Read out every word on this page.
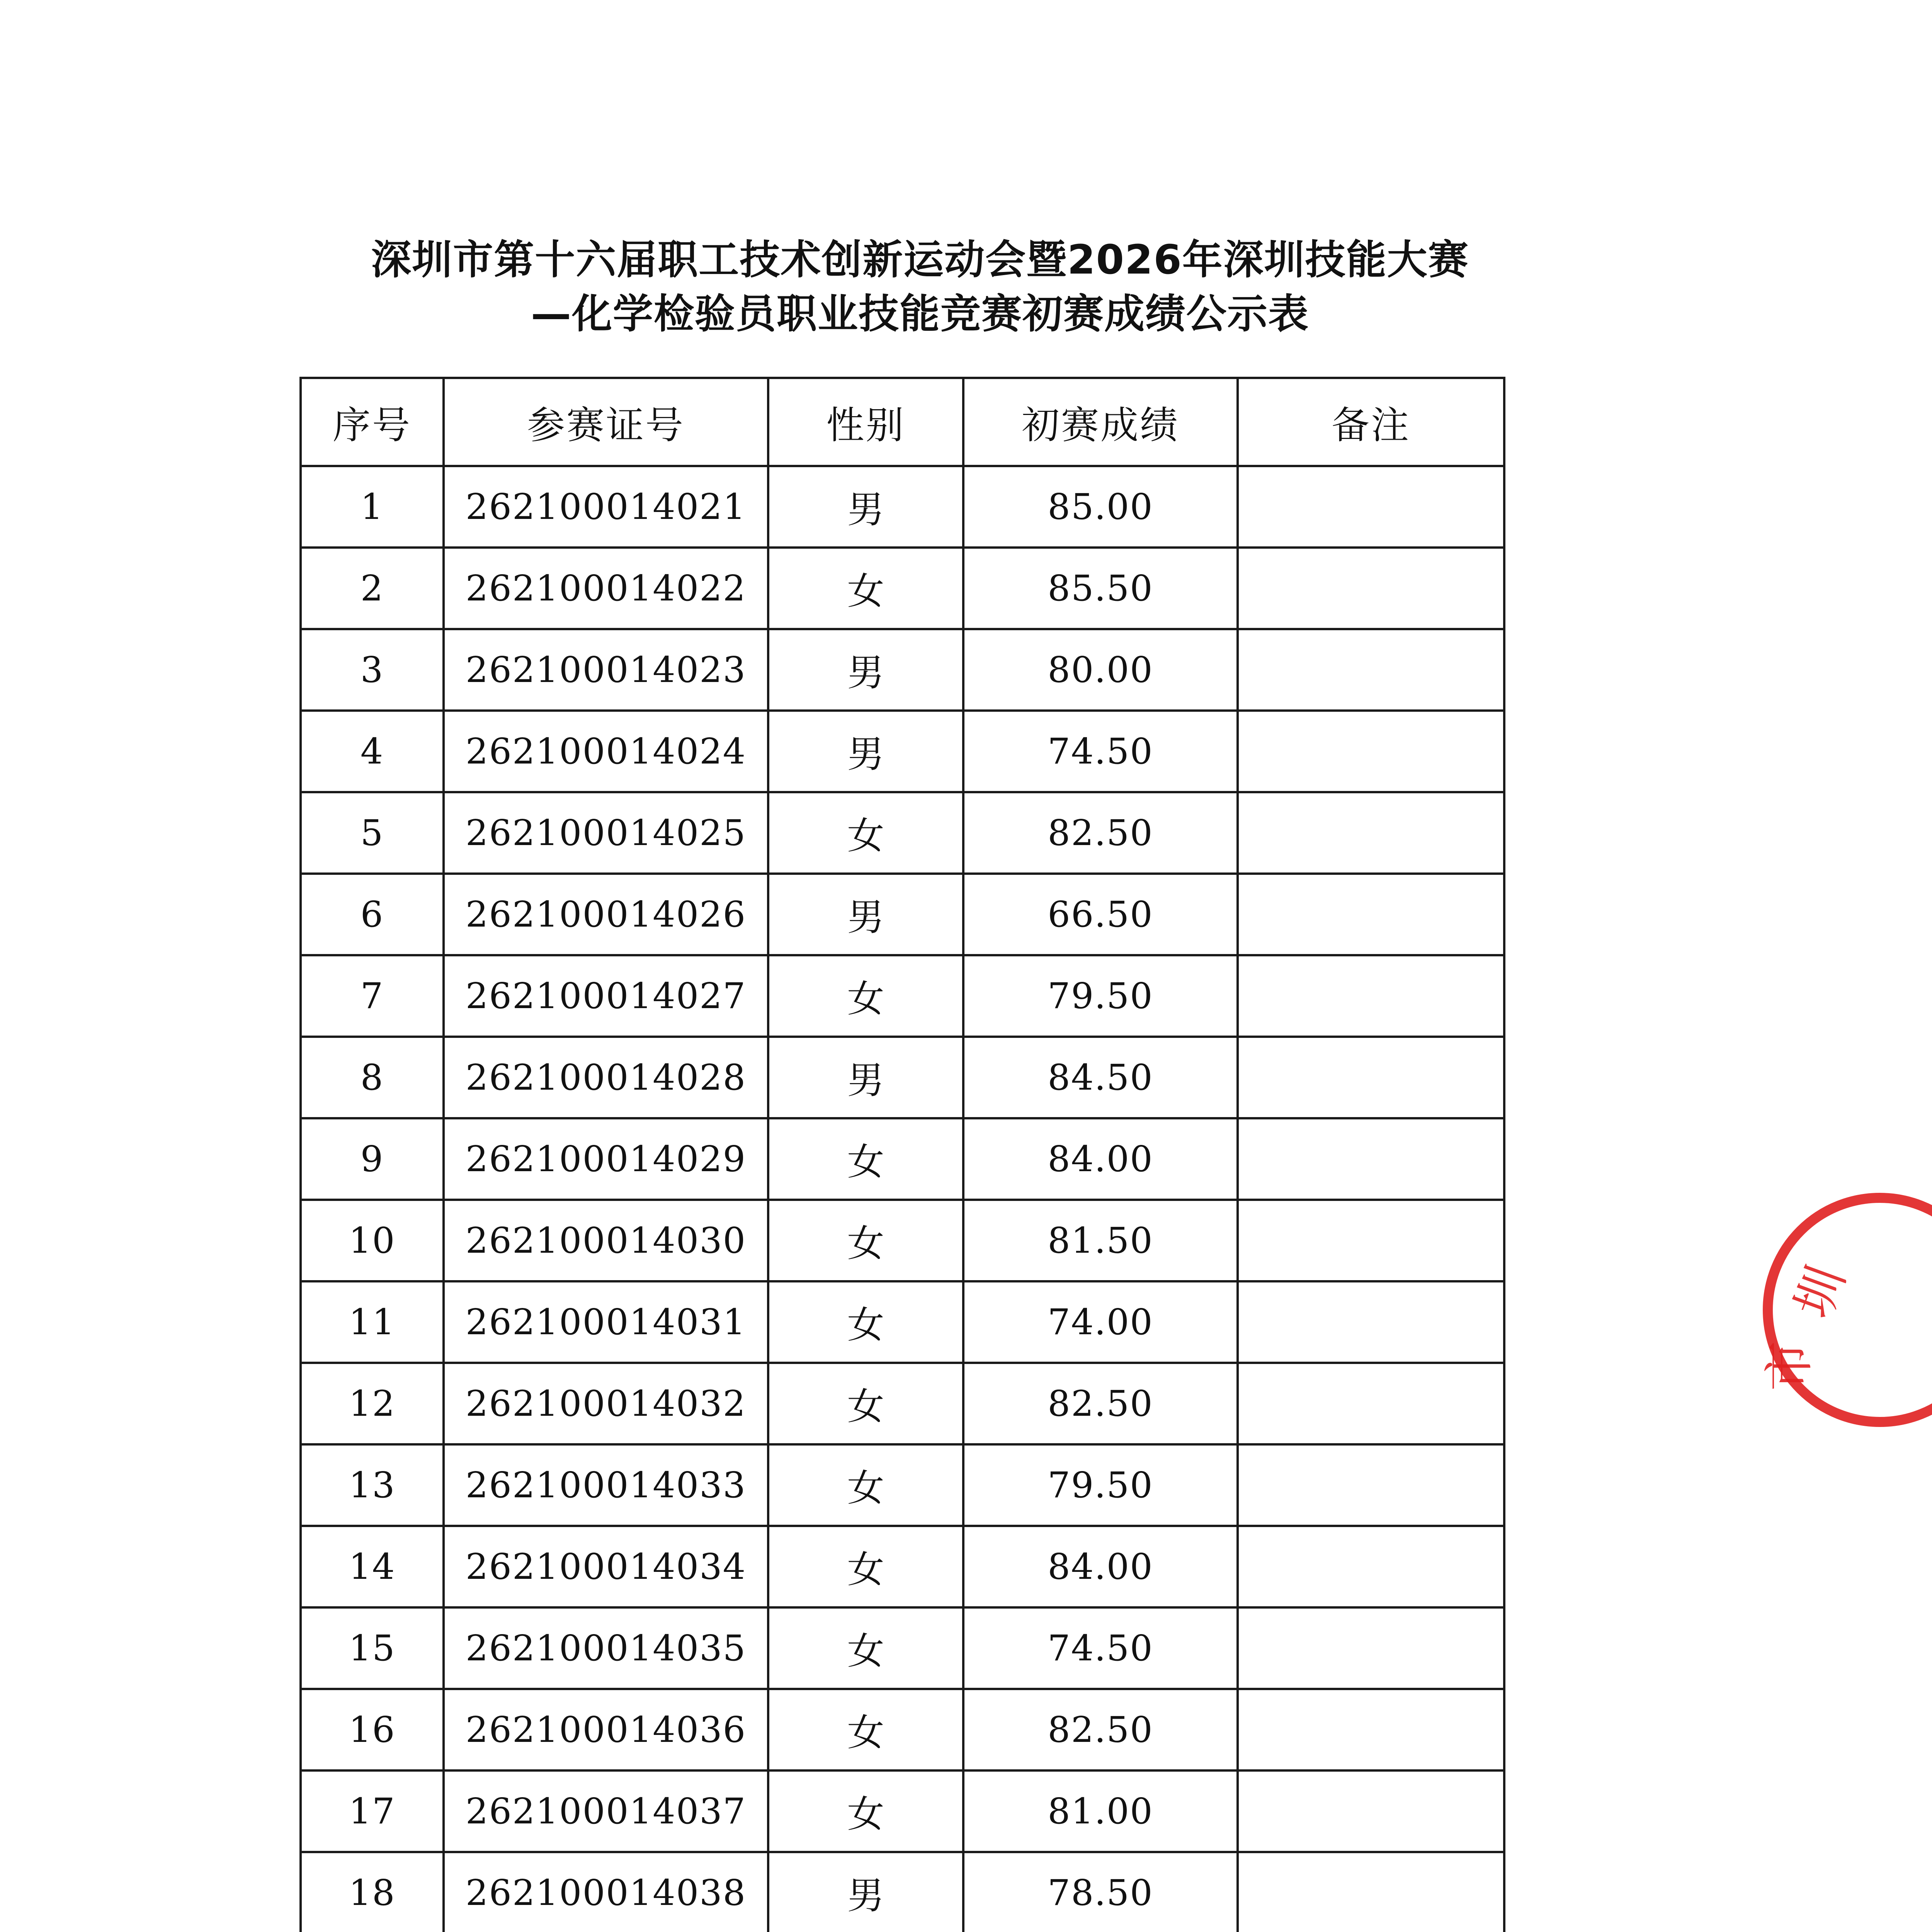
深圳市第十六届职工技术创新运动会暨2026年深圳技能大赛
—化学检验员职业技能竞赛初赛成绩公示表
序号	参赛证号	性别	初赛成绩	备注
1	262100014021	男	85.00	
2	262100014022	女	85.50	
3	262100014023	男	80.00	
4	262100014024	男	74.50	
5	262100014025	女	82.50	
6	262100014026	男	66.50	
7	262100014027	女	79.50	
8	262100014028	男	84.50	
9	262100014029	女	84.00	
10	262100014030	女	81.50	
11	262100014031	女	74.00	
12	262100014032	女	82.50	
13	262100014033	女	79.50	
14	262100014034	女	84.00	
15	262100014035	女	74.50	
16	262100014036	女	82.50	
17	262100014037	女	81.00	
18	262100014038	男	78.50	

圳
市
